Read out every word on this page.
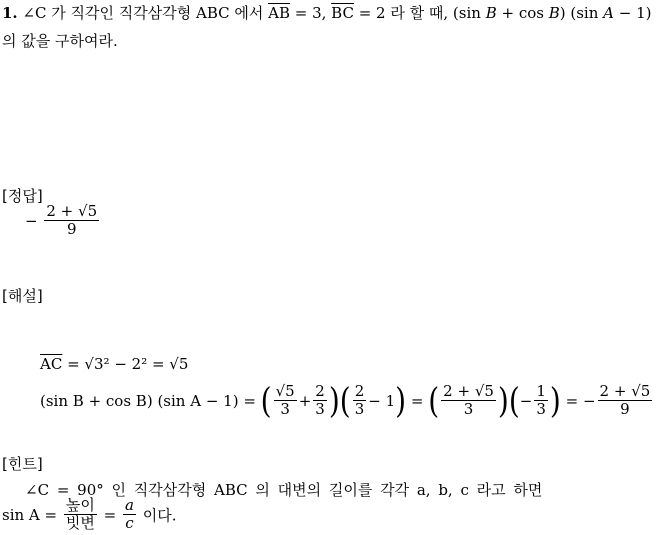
1. ∠C 가 직각인 직각삼각형 ABC 에서 $\overline{AB} = 3$, $\overline{BC} = 2$ 라 할 때, (sin B + cos B) (sin A − 1)
의 값을 구하여라.
[정답]
− $\frac{2 + √5}{9}$
[해설]
$\overline{AC} = √3^2 - 2^2 = √5$
(sin B + cos B) (sin A − 1) = ( $\frac{√5}{3} + \frac{2}{3}$ )( $\frac{2}{3} - 1$) = ( $\frac{2 + √5}{3}$ )(− $\frac{1}{3}$ ) = − $\frac{2 + √5}{9}$
[힌트]
∠C = 90° 인 직각삼각형 ABC 의 대변의 길이를 각각 a, b, c 라고 하면
$\sin A = \frac{\text{높이}}{\text{빗변}} = \frac{a}{c}$ 이다.
